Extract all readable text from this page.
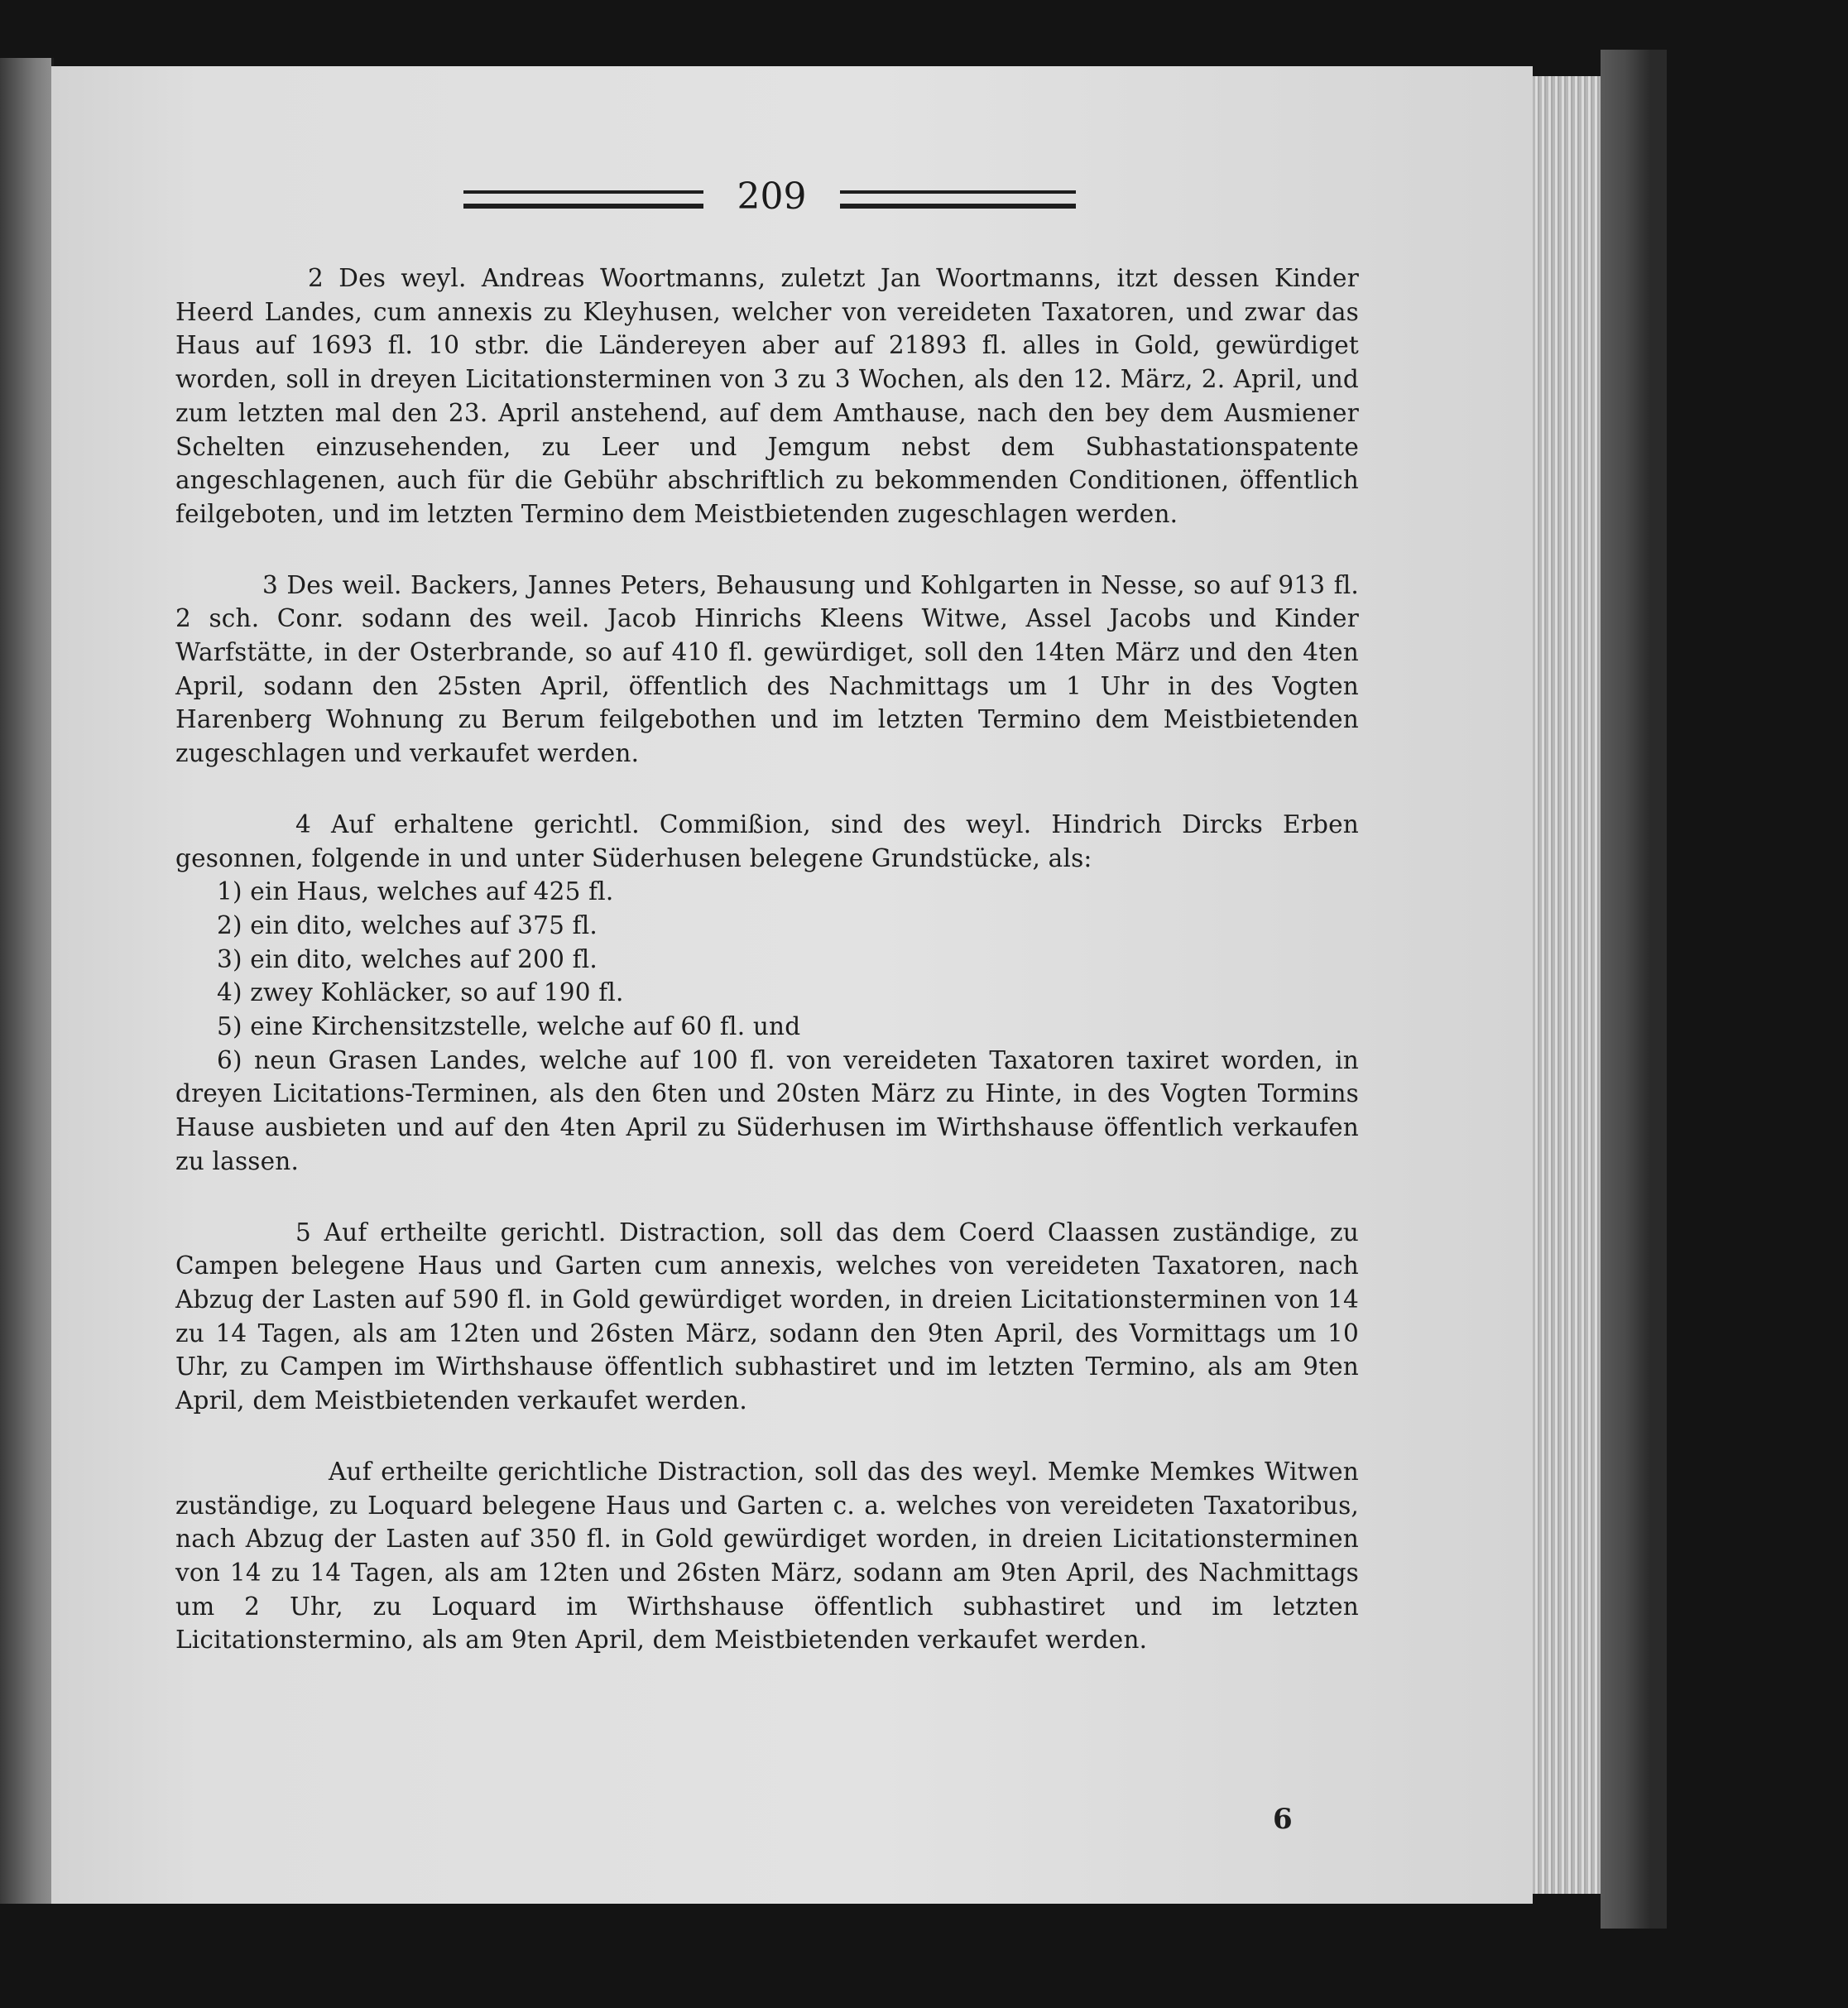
209

2 Des weyl. Andreas Woortmanns, zuletzt Jan Woortmanns, itzt dessen Kinder Heerd Landes, cum annexis zu Kleyhusen, welcher von vereideten Taxatoren, und zwar das Haus auf 1693 fl. 10 stbr. die Ländereyen aber auf 21893 fl. alles in Gold, gewürdiget worden, soll in dreyen Licitationsterminen von 3 zu 3 Wochen, als den 12. März, 2. April, und zum letzten mal den 23. April anstehend, auf dem Amthause, nach den bey dem Ausmiener Schelten einzusehenden, zu Leer und Jemgum nebst dem Subhastationspatente angeschlagenen, auch für die Gebühr abschriftlich zu bekommenden Conditionen, öffentlich feilgeboten, und im letzten Termino dem Meistbietenden zugeschlagen werden.

3 Des weil. Backers, Jannes Peters, Behausung und Kohlgarten in Nesse, so auf 913 fl. 2 sch. Conr. sodann des weil. Jacob Hinrichs Kleens Witwe, Assel Jacobs und Kinder Warfstätte, in der Osterbrande, so auf 410 fl. gewürdiget, soll den 14ten März und den 4ten April, sodann den 25sten April, öffentlich des Nachmittags um 1 Uhr in des Vogten Harenberg Wohnung zu Berum feilgebothen und im letzten Termino dem Meistbietenden zugeschlagen und verkaufet werden.

4 Auf erhaltene gerichtl. Commißion, sind des weyl. Hindrich Dircks Erben gesonnen, folgende in und unter Süderhusen belegene Grundstücke, als:

1) ein Haus, welches auf 425 fl.
2) ein dito, welches auf 375 fl.
3) ein dito, welches auf 200 fl.
4) zwey Kohläcker, so auf 190 fl.
5) eine Kirchensitzstelle, welche auf 60 fl. und

6) neun Grasen Landes, welche auf 100 fl. von vereideten Taxatoren taxiret worden, in dreyen Licitations-Terminen, als den 6ten und 20sten März zu Hinte, in des Vogten Tormins Hause ausbieten und auf den 4ten April zu Süderhusen im Wirthshause öffentlich verkaufen zu lassen.

5 Auf ertheilte gerichtl. Distraction, soll das dem Coerd Claassen zuständige, zu Campen belegene Haus und Garten cum annexis, welches von vereideten Taxatoren, nach Abzug der Lasten auf 590 fl. in Gold gewürdiget worden, in dreien Licitationsterminen von 14 zu 14 Tagen, als am 12ten und 26sten März, sodann den 9ten April, des Vormittags um 10 Uhr, zu Campen im Wirthshause öffentlich subhastiret und im letzten Termino, als am 9ten April, dem Meistbietenden verkaufet werden.

Auf ertheilte gerichtliche Distraction, soll das des weyl. Memke Memkes Witwen zuständige, zu Loquard belegene Haus und Garten c. a. welches von vereideten Taxatoribus, nach Abzug der Lasten auf 350 fl. in Gold gewürdiget worden, in dreien Licitationsterminen von 14 zu 14 Tagen, als am 12ten und 26sten März, sodann am 9ten April, des Nachmittags um 2 Uhr, zu Loquard im Wirthshause öffentlich subhastiret und im letzten Licitationstermino, als am 9ten April, dem Meistbietenden verkaufet werden.

6
